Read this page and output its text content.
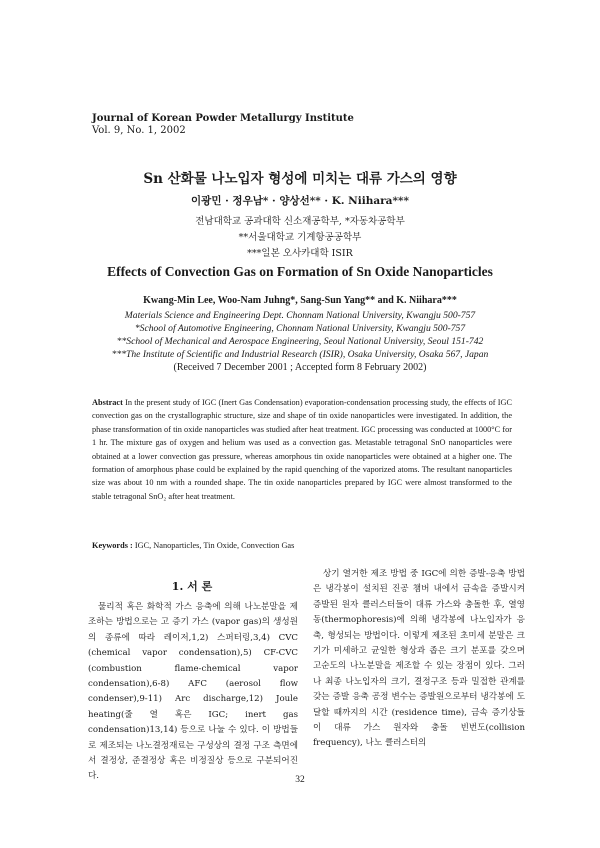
Journal of Korean Powder Metallurgy Institute
Vol. 9, No. 1, 2002
Sn 산화물 나노입자 형성에 미치는 대류 가스의 영향
이광민 · 정우남* · 양상선** · K. Niihara***
전남대학교 공과대학 신소재공학부, *자동차공학부
**서울대학교 기계항공공학부
***일본 오사카대학 ISIR
Effects of Convection Gas on Formation of Sn Oxide Nanoparticles
Kwang-Min Lee, Woo-Nam Juhng*, Sang-Sun Yang** and K. Niihara***
Materials Science and Engineering Dept. Chonnam National University, Kwangju 500-757
*School of Automotive Engineering, Chonnam National University, Kwangju 500-757
**School of Mechanical and Aerospace Engineering, Seoul National University, Seoul 151-742
***The Institute of Scientific and Industrial Research (ISIR), Osaka University, Osaka 567, Japan
(Received 7 December 2001 ; Accepted form 8 February 2002)
Abstract In the present study of IGC (Inert Gas Condensation) evaporation-condensation processing study, the effects of IGC convection gas on the crystallographic structure, size and shape of tin oxide nanoparticles were investigated. In addition, the phase transformation of tin oxide nanoparticles was studied after heat treatment. IGC processing was conducted at 1000°C for 1 hr. The mixture gas of oxygen and helium was used as a convection gas. Metastable tetragonal SnO nanoparticles were obtained at a lower convection gas pressure, whereas amorphous tin oxide nanoparticles were obtained at a higher one. The formation of amorphous phase could be explained by the rapid quenching of the vaporized atoms. The resultant nanoparticles size was about 10 nm with a rounded shape. The tin oxide nanoparticles prepared by IGC were almost transformed to the stable tetragonal SnO₂ after heat treatment.
Keywords : IGC, Nanoparticles, Tin Oxide, Convection Gas
1. 서 론
물리적 혹은 화학적 가스 응축에 의해 나노분말을 제조하는 방법으로는 고 증기 가스 (vapor gas)의 생성원의 종류에 따라 레이저,1,2) 스퍼터링,3,4) CVC (chemical vapor condensation),5) CF-CVC (combustion flame-chemical vapor condensation),6-8) AFC (aerosol flow condenser),9-11) Arc discharge,12) Joule heating(줄 열 혹은 IGC; inert gas condensation)13,14) 등으로 나눌 수 있다. 이 방법들로 제조되는 나노결정재료는 구성상의 결정 구조 측면에서 결정상, 준결정상 혹은 비정질상 등으로 구분되어진다.
상기 열거한 제조 방법 중 IGC에 의한 증발-응축 방법은 냉각봉이 설치된 진공 챔버 내에서 금속을 증발시켜 증발된 원자 클러스터들이 대류 가스와 충돌한 후, 열영동(thermophoresis)에 의해 냉각봉에 나노입자가 응축, 형성되는 방법이다. 이렇게 제조된 초미세 분말은 크기가 미세하고 균일한 형상과 좁은 크기 분포를 갖으며 고순도의 나노분말을 제조할 수 있는 장점이 있다. 그러나 최종 나노입자의 크기, 결정구조 등과 밀접한 관계를 갖는 증발 응축 공정 변수는 증발원으로부터 냉각봉에 도달할 때까지의 시간 (residence time), 금속 증기상들이 대류 가스 원자와 충돌 빈번도(collision frequency), 나노 클러스터의
32
